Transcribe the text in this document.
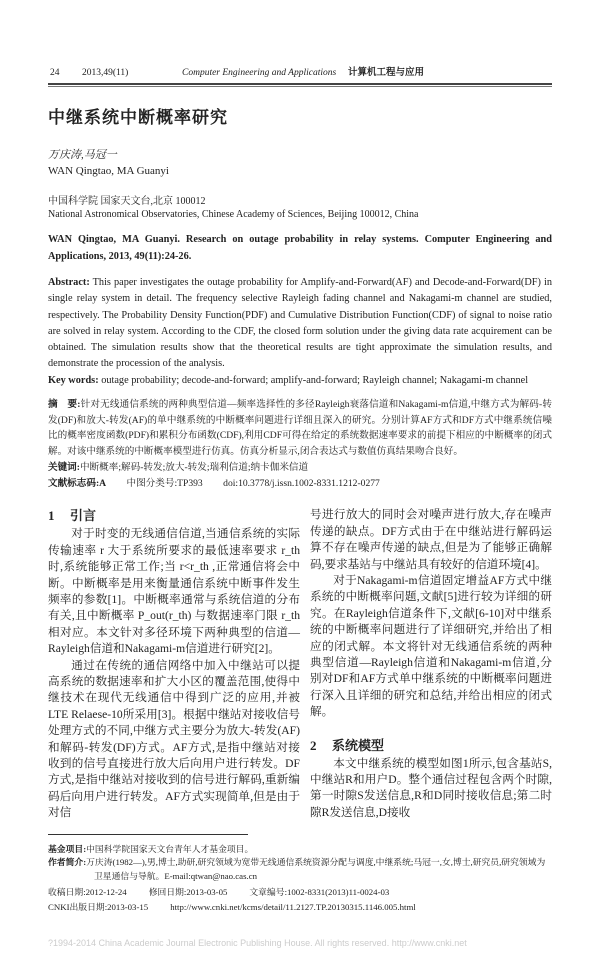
24 2013,49(11)	Computer Engineering and Applications 计算机工程与应用
中继系统中断概率研究
万庆涛,马冠一
WAN Qingtao, MA Guanyi
中国科学院 国家天文台,北京 100012
National Astronomical Observatories, Chinese Academy of Sciences, Beijing 100012, China
WAN Qingtao, MA Guanyi. Research on outage probability in relay systems. Computer Engineering and Applications, 2013, 49(11):24-26.
Abstract: This paper investigates the outage probability for Amplify-and-Forward(AF) and Decode-and-Forward(DF) in single relay system in detail. The frequency selective Rayleigh fading channel and Nakagami-m channel are studied, respectively. The Probability Density Function(PDF) and Cumulative Distribution Function(CDF) of signal to noise ratio are solved in relay system. According to the CDF, the closed form solution under the giving data rate acquirement can be obtained. The simulation results show that the theoretical results are tight approximate the simulation results, and demonstrate the procession of the analysis.
Key words: outage probability; decode-and-forward; amplify-and-forward; Rayleigh channel; Nakagami-m channel
摘　要:针对无线通信系统的两种典型信道—频率选择性的多径Rayleigh衰落信道和Nakagami-m信道,中继方式为解码-转发(DF)和放大-转发(AF)的单中继系统的中断概率问题进行详细且深入的研究。分别计算AF方式和DF方式中继系统信噪比的概率密度函数(PDF)和累积分布函数(CDF),利用CDF可得在给定的系统数据速率要求的前提下相应的中断概率的闭式解。对该中继系统的中断概率模型进行仿真。仿真分析显示,闭合表达式与数值仿真结果吻合良好。
关键词:中断概率;解码-转发;放大-转发;瑞利信道;纳卡伽米信道
文献标志码:A 中图分类号:TP393 doi:10.3778/j.issn.1002-8331.1212-0277
1 引言

对于时变的无线通信信道,当通信系统的实际传输速率 r 大于系统所要求的最低速率要求 r_th 时,系统能够正常工作;当 r<r_th ,正常通信将会中断。中断概率是用来衡量通信系统中断事件发生频率的参数[1]。中断概率通常与系统信道的分布有关,且中断概率 P_out(r_th) 与数据速率门限 r_th 相对应。本文针对多径环境下两种典型的信道—Rayleigh信道和Nakagami-m信道进行研究[2]。

通过在传统的通信网络中加入中继站可以提高系统的数据速率和扩大小区的覆盖范围,使得中继技术在现代无线通信中得到广泛的应用,并被LTE Relaese-10所采用[3]。根据中继站对接收信号处理方式的不同,中继方式主要分为放大-转发(AF)和解码-转发(DF)方式。AF方式,是指中继站对接收到的信号直接进行放大后向用户进行转发。DF方式,是指中继站对接收到的信号进行解码,重新编码后向用户进行转发。AF方式实现简单,但是由于对信

号进行放大的同时会对噪声进行放大,存在噪声传递的缺点。DF方式由于在中继站进行解码运算不存在噪声传递的缺点,但是为了能够正确解码,要求基站与中继站具有较好的信道环境[4]。

对于Nakagami-m信道固定增益AF方式中继系统的中断概率问题,文献[5]进行较为详细的研究。在Rayleigh信道条件下,文献[6-10]对中继系统的中断概率问题进行了详细研究,并给出了相应的闭式解。本文将针对无线通信系统的两种典型信道—Rayleigh信道和Nakagami-m信道,分别对DF和AF方式单中继系统的中断概率问题进行深入且详细的研究和总结,并给出相应的闭式解。

2 系统模型

本文中继系统的模型如图1所示,包含基站S,中继站R和用户D。整个通信过程包含两个时隙,第一时隙S发送信息,R和D同时接收信息;第二时隙R发送信息,D接收

基金项目:中国科学院国家天文台青年人才基金项目。
作者简介:万庆涛(1982—),男,博士,助研,研究领域为宽带无线通信系统资源分配与调度,中继系统;马冠一,女,博士,研究员,研究领域为卫星通信与导航。E-mail:qtwan@nao.cas.cn
收稿日期:2012-12-24	修回日期:2013-03-05	文章编号:1002-8331(2013)11-0024-03
CNKI出版日期:2013-03-15	http://www.cnki.net/kcms/detail/11.2127.TP.20130315.1146.005.html
?1994-2014 China Academic Journal Electronic Publishing House. All rights reserved. http://www.cnki.net
